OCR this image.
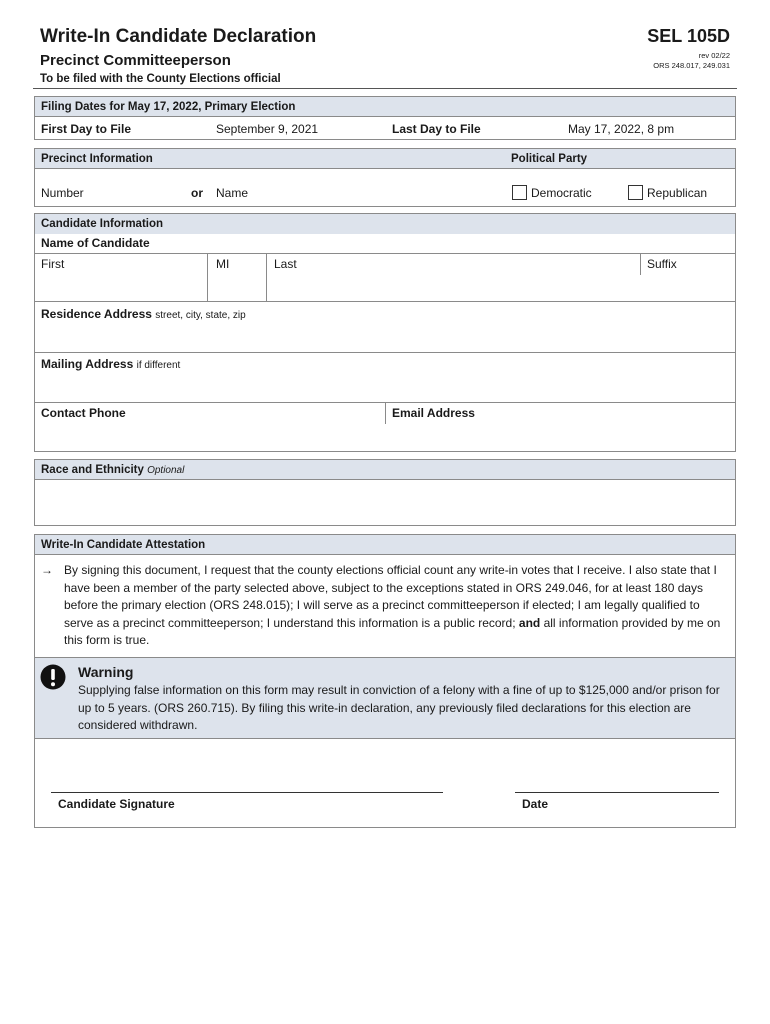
Write-In Candidate Declaration
Precinct Committeeperson
To be filed with the County Elections official
SEL 105D
rev 02/22
ORS 248.017, 249.031
Filing Dates for May 17, 2022, Primary Election
First Day to File	September 9, 2021	Last Day to File	May 17, 2022, 8 pm
Precinct Information	Political Party
Number	or Name	Democratic	Republican
Candidate Information
Name of Candidate
First	MI	Last	Suffix
Residence Address street, city, state, zip
Mailing Address if different
Contact Phone	Email Address
Race and Ethnicity Optional
Write-In Candidate Attestation
→ By signing this document, I request that the county elections official count any write-in votes that I receive. I also state that I have been a member of the party selected above, subject to the exceptions stated in ORS 249.046, for at least 180 days before the primary election (ORS 248.015); I will serve as a precinct committeeperson if elected; I am legally qualified to serve as a precinct committeeperson; I understand this information is a public record; and all information provided by me on this form is true.
Warning
Supplying false information on this form may result in conviction of a felony with a fine of up to $125,000 and/or prison for up to 5 years. (ORS 260.715). By filing this write-in declaration, any previously filed declarations for this election are considered withdrawn.
Candidate Signature	Date
